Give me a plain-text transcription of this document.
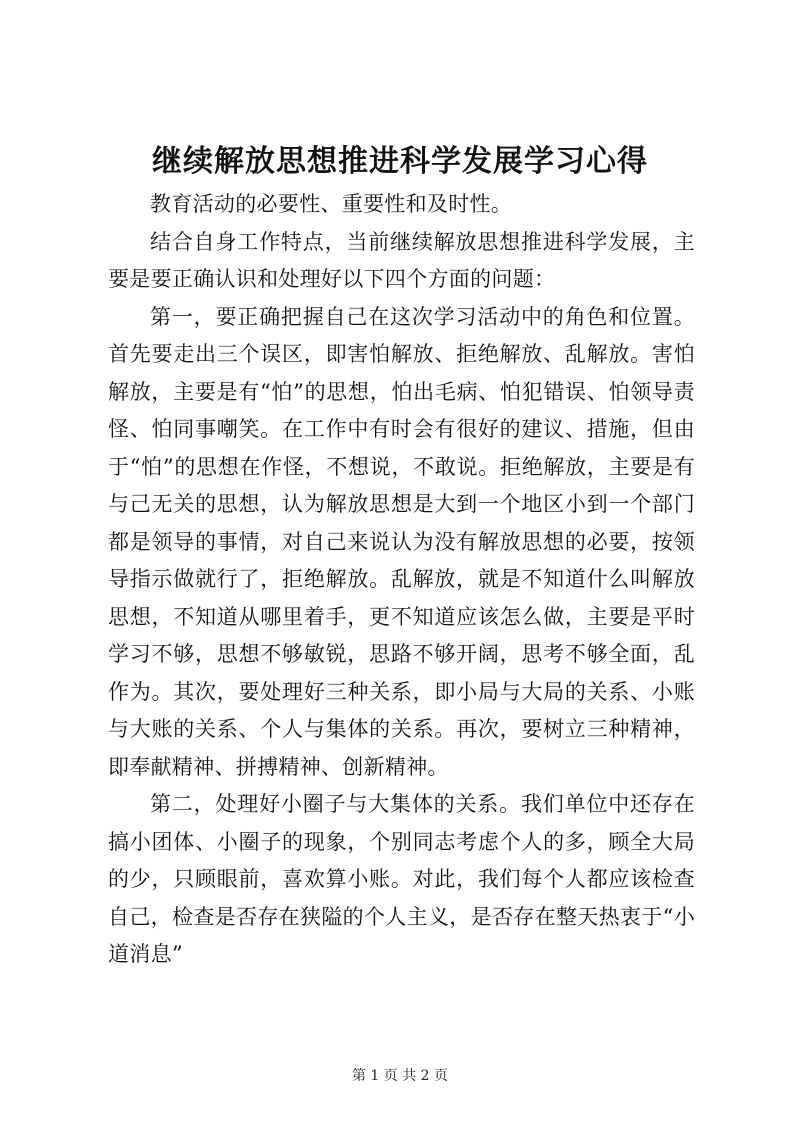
继续解放思想推进科学发展学习心得

教育活动的必要性、重要性和及时性。

结合自身工作特点，当前继续解放思想推进科学发展，主要是要正确认识和处理好以下四个方面的问题：

第一，要正确把握自己在这次学习活动中的角色和位置。首先要走出三个误区，即害怕解放、拒绝解放、乱解放。害怕解放，主要是有“怕”的思想，怕出毛病、怕犯错误、怕领导责怪、怕同事嘲笑。在工作中有时会有很好的建议、措施，但由于“怕”的思想在作怪，不想说，不敢说。拒绝解放，主要是有与己无关的思想，认为解放思想是大到一个地区小到一个部门都是领导的事情，对自己来说认为没有解放思想的必要，按领导指示做就行了，拒绝解放。乱解放，就是不知道什么叫解放思想，不知道从哪里着手，更不知道应该怎么做，主要是平时学习不够，思想不够敏锐，思路不够开阔，思考不够全面，乱作为。其次，要处理好三种关系，即小局与大局的关系、小账与大账的关系、个人与集体的关系。再次，要树立三种精神，即奉献精神、拼搏精神、创新精神。

第二，处理好小圈子与大集体的关系。我们单位中还存在搞小团体、小圈子的现象，个别同志考虑个人的多，顾全大局的少，只顾眼前，喜欢算小账。对此，我们每个人都应该检查自己，检查是否存在狭隘的个人主义，是否存在整天热衷于“小道消息”

第 1 页 共 2 页
